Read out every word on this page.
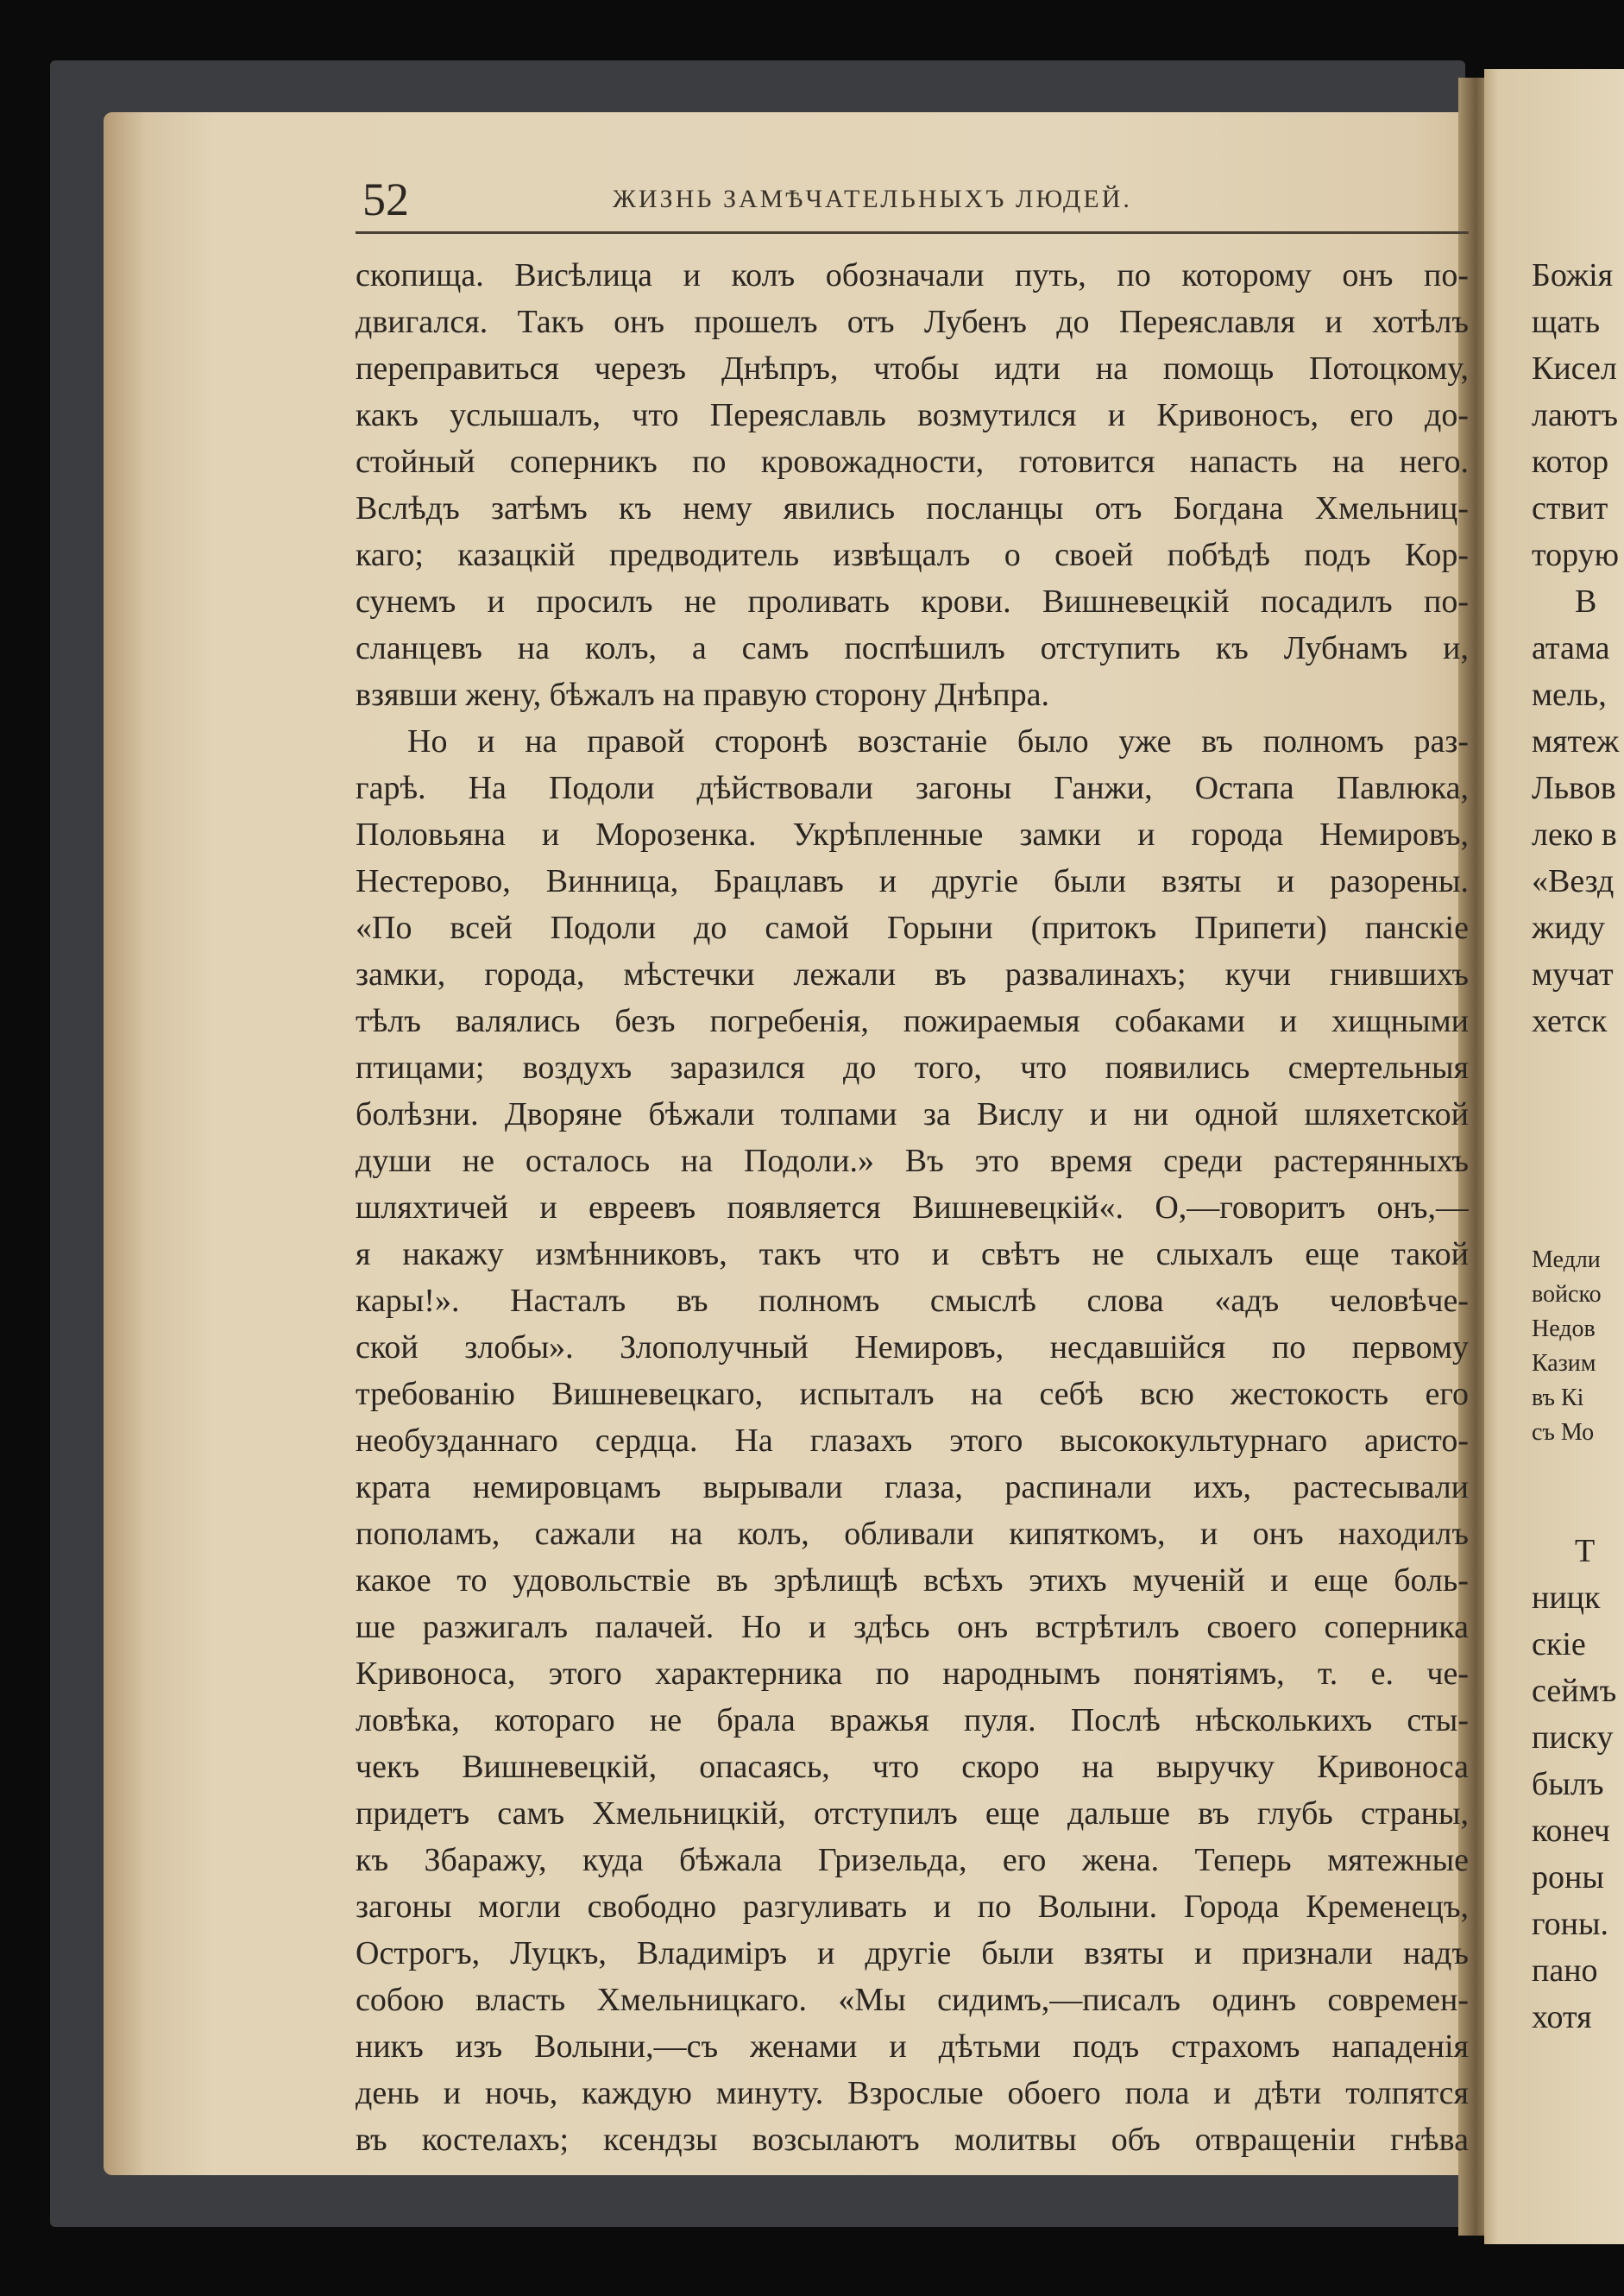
52	ЖИЗНЬ ЗАМѢЧАТЕЛЬНЫХЪ ЛЮДЕЙ.
скопища. Висѣлица и колъ обозначали путь, по которому онъ по-
двигался. Такъ онъ прошелъ отъ Лубенъ до Переяславля и хотѣлъ
переправиться черезъ Днѣпръ, чтобы идти на помощь Потоцкому,
какъ услышалъ, что Переяславль возмутился и Кривоносъ, его до-
стойный соперникъ по кровожадности, готовится напасть на него.
Вслѣдъ затѣмъ къ нему явились посланцы отъ Богдана Хмельниц-
каго; казацкій предводитель извѣщалъ о своей побѣдѣ подъ Кор-
сунемъ и просилъ не проливать крови. Вишневецкій посадилъ по-
сланцевъ на колъ, а самъ поспѣшилъ отступить къ Лубнамъ и,
взявши жену, бѣжалъ на правую сторону Днѣпра.
Но и на правой сторонѣ возстаніе было уже въ полномъ раз-
гарѣ. На Подоли дѣйствовали загоны Ганжи, Остапа Павлюка,
Половьяна и Морозенка. Укрѣпленные замки и города Немировъ,
Нестерово, Винница, Брацлавъ и другіе были взяты и разорены.
«По всей Подоли до самой Горыни (притокъ Припети) панскіе
замки, города, мѣстечки лежали въ развалинахъ; кучи гнившихъ
тѣлъ валялись безъ погребенія, пожираемыя собаками и хищными
птицами; воздухъ заразился до того, что появились смертельныя
болѣзни. Дворяне бѣжали толпами за Вислу и ни одной шляхетской
души не осталось на Подоли.» Въ это время среди растерянныхъ
шляхтичей и евреевъ появляется Вишневецкій«. О,—говоритъ онъ,—
я накажу измѣнниковъ, такъ что и свѣтъ не слыхалъ еще такой
кары!». Насталъ въ полномъ смыслѣ слова «адъ человѣче-
ской злобы». Злополучный Немировъ, несдавшійся по первому
требованію Вишневецкаго, испыталъ на себѣ всю жестокость его
необузданнаго сердца. На глазахъ этого высококультурнаго аристо-
крата немировцамъ вырывали глаза, распинали ихъ, растесывали
пополамъ, сажали на колъ, обливали кипяткомъ, и онъ находилъ
какое то удовольствіе въ зрѣлищѣ всѣхъ этихъ мученій и еще боль-
ше разжигалъ палачей. Но и здѣсь онъ встрѣтилъ своего соперника
Кривоноса, этого характерника по народнымъ понятіямъ, т. е. че-
ловѣка, котораго не брала вражья пуля. Послѣ нѣсколькихъ сты-
чекъ Вишневецкій, опасаясь, что скоро на выручку Кривоноса
придетъ самъ Хмельницкій, отступилъ еще дальше въ глубь страны,
къ Збаражу, куда бѣжала Гризельда, его жена. Теперь мятежные
загоны могли свободно разгуливать и по Волыни. Города Кременецъ,
Острогъ, Луцкъ, Владиміръ и другіе были взяты и признали надъ
собою власть Хмельницкаго. «Мы сидимъ,—писалъ одинъ современ-
никъ изъ Волыни,—съ женами и дѣтьми подъ страхомъ нападенія
день и ночь, каждую минуту. Взрослые обоего пола и дѣти толпятся
въ костелахъ; ксендзы возсылаютъ молитвы объ отвращеніи гнѣва
Божія
щать
Кисел
лаютъ
котор
ствит
торую
В
атама
мель,
мятеж
Львов
леко в
«Везд
жиду
мучат
хетск
Медли
войско
Недов
Казим
въ Кі
съ Мо
Т
ницк
скіе
сеймъ
писку
былъ
конеч
роны
гоны.
пано
хотя
